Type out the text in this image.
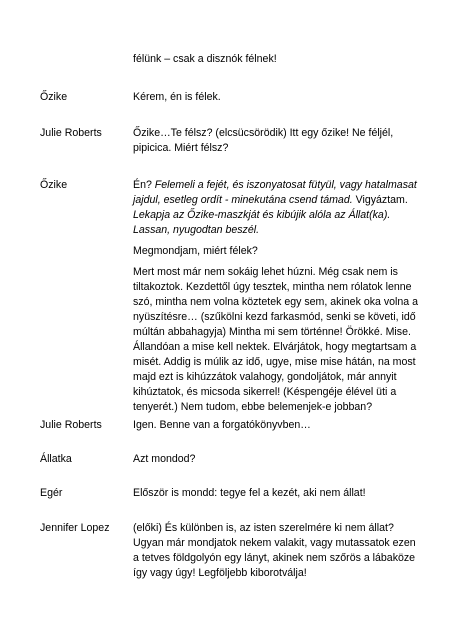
félünk – csak a disznók félnek!

Őzike	Kérem, én is félek.

Julie Roberts	Őzike…Te félsz? (elcsücsörödik) Itt egy őzike! Ne féljél, pipicica. Miért félsz?

Őzike	Én? Felemeli a fejét, és iszonyatosat fütyül, vagy hatalmasat jajdul, esetleg ordít - minekutána csend támad. Vigyáztam. Lekapja az Őzike-maszkját és kibújik alóla az Állat(ka). Lassan, nyugodtan beszél.

Megmondjam, miért félek?

Mert most már nem sokáig lehet húzni. Még csak nem is tiltakoztok. Kezdettől úgy tesztek, mintha nem rólatok lenne szó, mintha nem volna köztetek egy sem, akinek oka volna a nyüszítésre… (szűkölni kezd farkasmód, senki se követi, idő múltán abbahagyja) Mintha mi sem történne! Örökké. Mise. Állandóan a mise kell nektek. Elvárjátok, hogy megtartsam a misét. Addig is múlik az idő, ugye, mise mise hátán, na most majd ezt is kihúzzátok valahogy, gondoljátok, már annyit kihúztatok, és micsoda sikerrel! (Késpengéje élével üti a tenyerét.) Nem tudom, ebbe belemenjek-e jobban?

Julie Roberts	Igen. Benne van a forgatókönyvben…

Állatka	Azt mondod?

Egér	Először is mondd: tegye fel a kezét, aki nem állat!

Jennifer Lopez	(előki) És különben is, az isten szerelmére ki nem állat? Ugyan már mondjatok nekem valakit, vagy mutassatok ezen a tetves földgolyón egy lányt, akinek nem szőrös a lábaköze így vagy úgy! Legföljebb kiborotválja!
